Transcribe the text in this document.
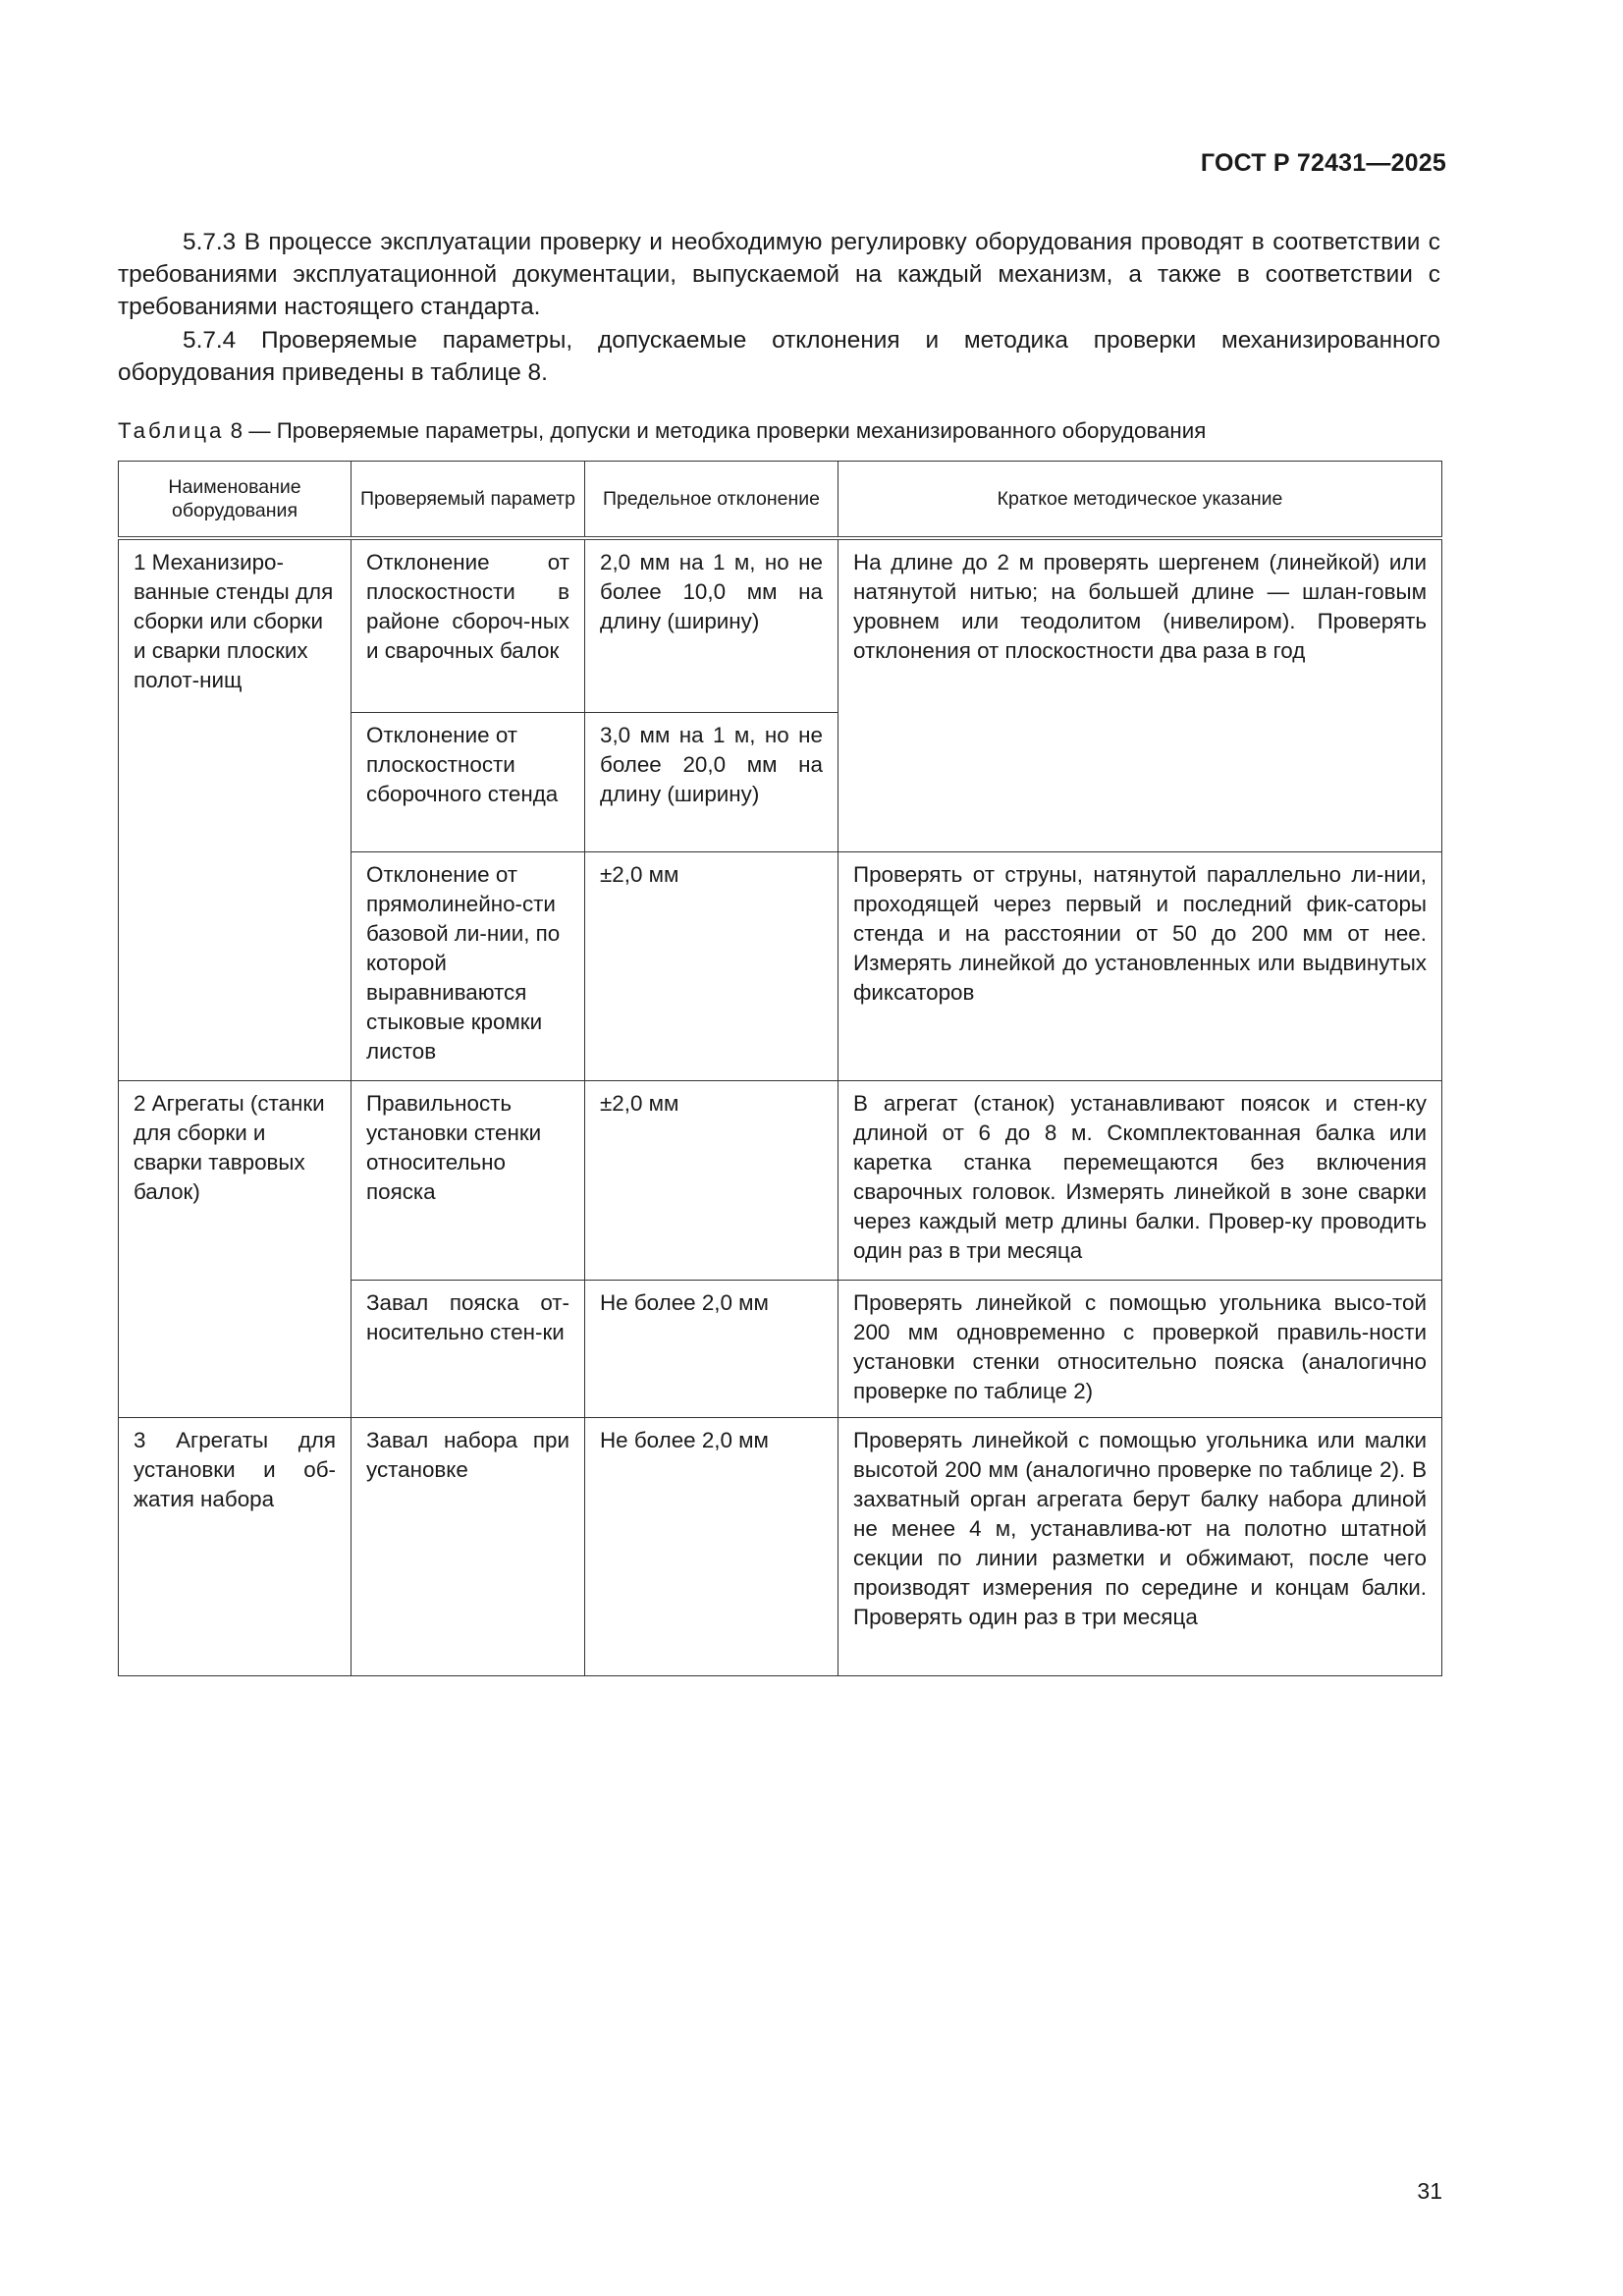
ГОСТ Р 72431—2025

5.7.3 В процессе эксплуатации проверку и необходимую регулировку оборудования проводят в соответствии с требованиями эксплуатационной документации, выпускаемой на каждый механизм, а также в соответствии с требованиями настоящего стандарта.

5.7.4 Проверяемые параметры, допускаемые отклонения и методика проверки механизированного оборудования приведены в таблице 8.

Таблица 8 — Проверяемые параметры, допуски и методика проверки механизированного оборудования
Наименование оборудования	Проверяемый параметр	Предельное отклонение	Краткое методическое указание
1 Механизиро-ванные стенды для сборки или сборки и сварки плоских полот-нищ	Отклонение от плоскостности в районе сбороч-ных и сварочных балок	2,0 мм на 1 м, но не более 10,0 мм на длину (ширину)	На длине до 2 м проверять шергенем (линейкой) или натянутой нитью; на большей длине — шлан-говым уровнем или теодолитом (нивелиром). Проверять отклонения от плоскостности два раза в год
	Отклонение от плоскостности сборочного стенда	3,0 мм на 1 м, но не более 20,0 мм на длину (ширину)	
	Отклонение от прямолинейно-сти базовой ли-нии, по которой выравниваются стыковые кромки листов	±2,0 мм	Проверять от струны, натянутой параллельно ли-нии, проходящей через первый и последний фик-саторы стенда и на расстоянии от 50 до 200 мм от нее. Измерять линейкой до установленных или выдвинутых фиксаторов
2 Агрегаты (станки для сборки и сварки тавровых балок)	Правильность установки стенки относительно пояска	±2,0 мм	В агрегат (станок) устанавливают поясок и стен-ку длиной от 6 до 8 м. Скомплектованная балка или каретка станка перемещаются без включения сварочных головок. Измерять линейкой в зоне сварки через каждый метр длины балки. Провер-ку проводить один раз в три месяца
	Завал пояска от-носительно стен-ки	Не более 2,0 мм	Проверять линейкой с помощью угольника высо-той 200 мм одновременно с проверкой правиль-ности установки стенки относительно пояска (аналогично проверке по таблице 2)
3 Агрегаты для установки и об-жатия набора	Завал набора при установке	Не более 2,0 мм	Проверять линейкой с помощью угольника или малки высотой 200 мм (аналогично проверке по таблице 2). В захватный орган агрегата берут балку набора длиной не менее 4 м, устанавлива-ют на полотно штатной секции по линии разметки и обжимают, после чего производят измерения по середине и концам балки. Проверять один раз в три месяца
31
